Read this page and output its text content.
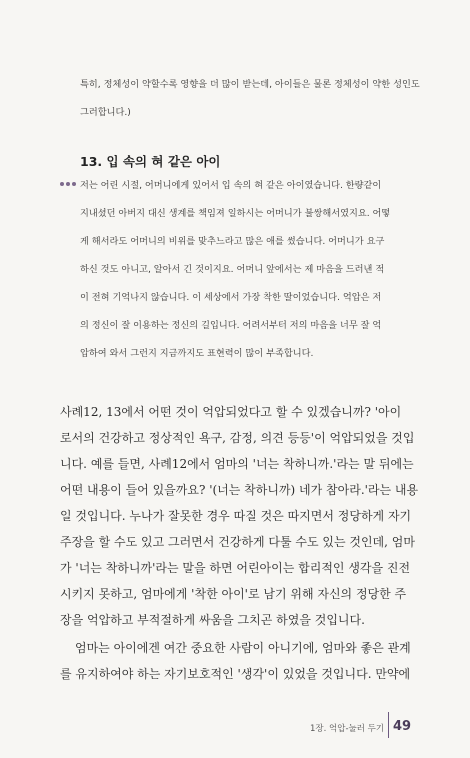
특히, 정체성이 약할수록 영향을 더 많이 받는데, 아이들은 물론 정체성이 약한 성인도
그러합니다.)
13. 입 속의 혀 같은 아이
저는 어린 시절, 어머니에게 있어서 입 속의 혀 같은 아이였습니다. 한량같이
지내셨던 아버지 대신 생계를 책임져 일하시는 어머니가 불쌍해서였지요. 어떻
게 해서라도 어머니의 비위를 맞추느라고 많은 애를 썼습니다. 어머니가 요구
하신 것도 아니고, 알아서 긴 것이지요. 어머니 앞에서는 제 마음을 드러낸 적
이 전혀 기억나지 않습니다. 이 세상에서 가장 착한 딸이었습니다. 억압은 저
의 정신이 잘 이용하는 정신의 길입니다. 어려서부터 저의 마음을 너무 잘 억
압하여 와서 그런지 지금까지도 표현력이 많이 부족합니다.
사례12, 13에서 어떤 것이 억압되었다고 할 수 있겠습니까? '아이
로서의 건강하고 정상적인 욕구, 감정, 의견 등등'이 억압되었을 것입
니다. 예를 들면, 사례12에서 엄마의 '너는 착하니까.'라는 말 뒤에는
어떤 내용이 들어 있을까요? '(너는 착하니까) 네가 참아라.'라는 내용
일 것입니다. 누나가 잘못한 경우 따질 것은 따지면서 정당하게 자기
주장을 할 수도 있고 그러면서 건강하게 다툴 수도 있는 것인데, 엄마
가 '너는 착하니까'라는 말을 하면 어린아이는 합리적인 생각을 진전
시키지 못하고, 엄마에게 '착한 아이'로 남기 위해 자신의 정당한 주
장을 억압하고 부적절하게 싸움을 그치곤 하였을 것입니다.
엄마는 아이에겐 여간 중요한 사람이 아니기에, 엄마와 좋은 관계
를 유지하여야 하는 자기보호적인 '생각'이 있었을 것입니다. 만약에
1장. 억압-눌러 두기 49
